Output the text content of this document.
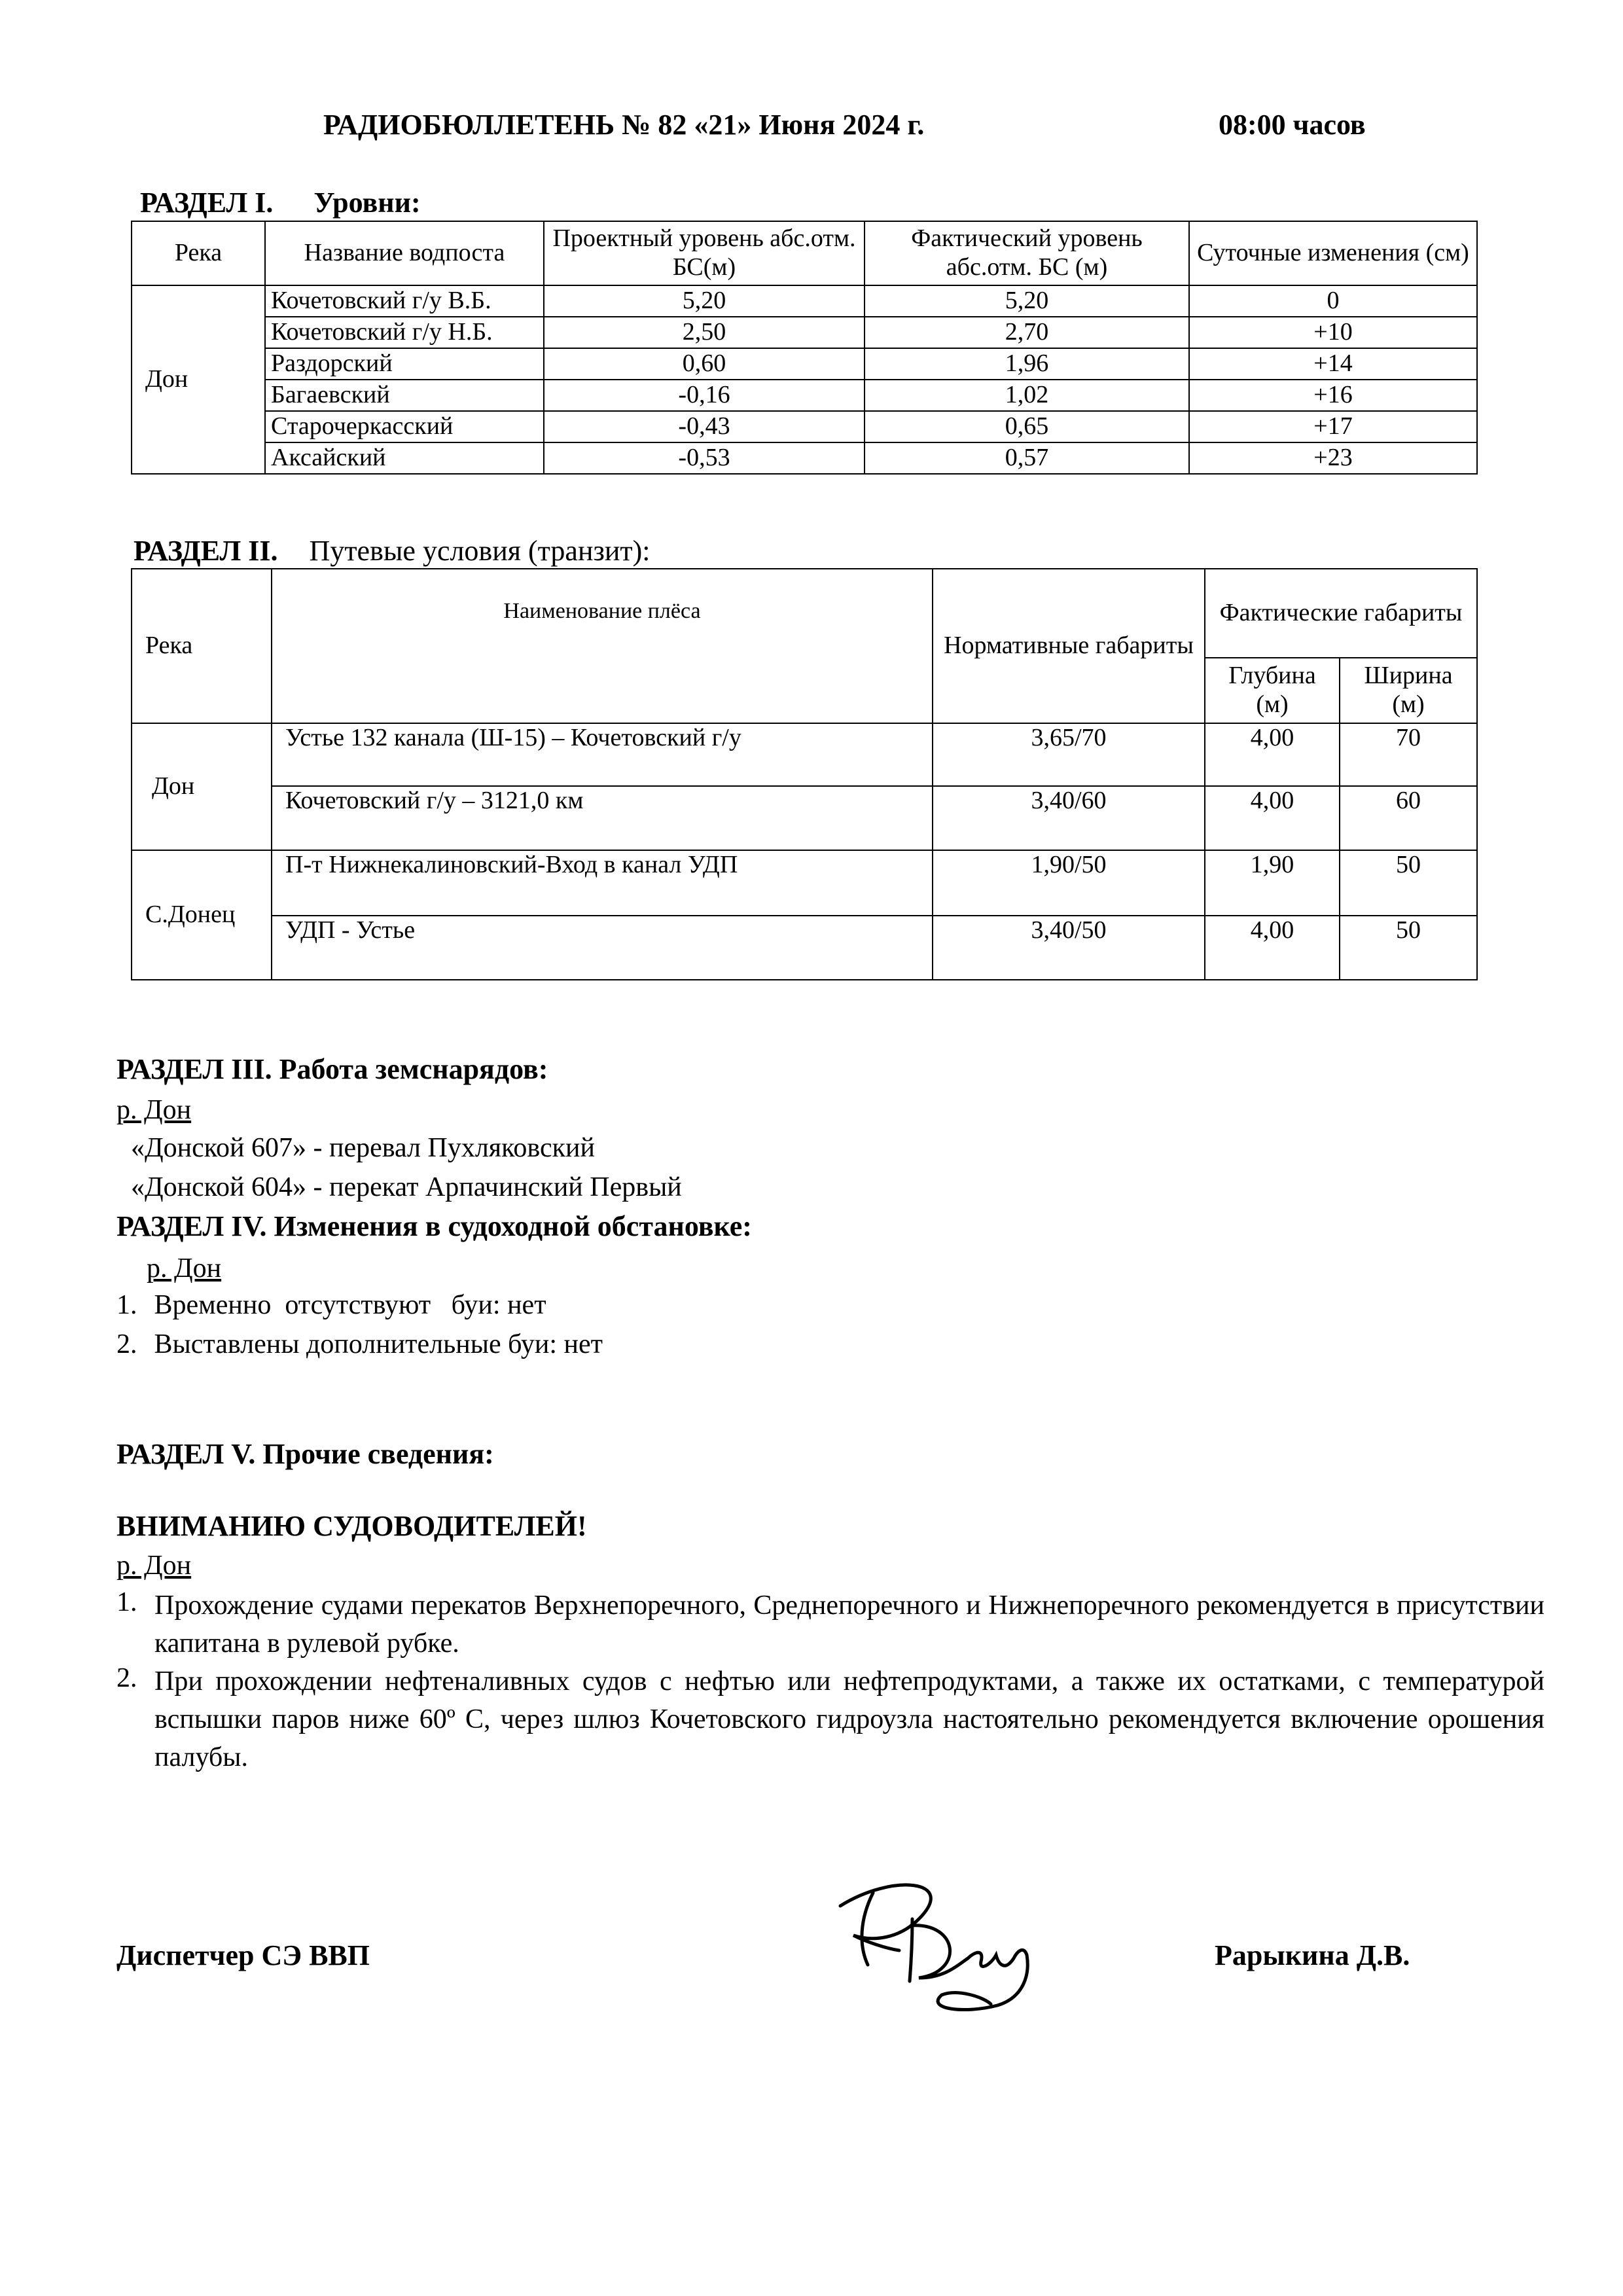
РАДИОБЮЛЛЕТЕНЬ № 82 «21» Июня 2024 г.	08:00 часов
РАЗДЕЛ I. Уровни:
Река	Название водпоста	Проектный уровень абс.отм. БС(м)	Фактический уровень абс.отм. БС (м)	Суточные изменения (см)
Дон	Кочетовский г/у В.Б.	5,20	5,20	0
	Кочетовский г/у Н.Б.	2,50	2,70	+10
	Раздорский	0,60	1,96	+14
	Багаевский	-0,16	1,02	+16
	Старочеркасский	-0,43	0,65	+17
	Аксайский	-0,53	0,57	+23
РАЗДЕЛ II. Путевые условия (транзит):
Река	Наименование плёса	Нормативные габариты	Фактические габариты	
			Глубина (м)	Ширина (м)
Дон	Устье 132 канала (Ш-15) – Кочетовский г/у	3,65/70	4,00	70
	Кочетовский г/у – 3121,0 км	3,40/60	4,00	60
С.Донец	П-т Нижнекалиновский-Вход в канал УДП	1,90/50	1,90	50
	УДП - Устье	3,40/50	4,00	50
РАЗДЕЛ III. Работа земснарядов:
р. Дон
«Донской 607» - перевал Пухляковский
«Донской 604» - перекат Арпачинский Первый
РАЗДЕЛ IV. Изменения в судоходной обстановке:
р. Дон
1. Временно  отсутствуют   буи: нет
2. Выставлены дополнительные буи: нет
РАЗДЕЛ V. Прочие сведения:
ВНИМАНИЮ СУДОВОДИТЕЛЕЙ!
р. Дон
1. Прохождение судами перекатов Верхнепоречного, Среднепоречного и Нижнепоречного рекомендуется в присутствии капитана в рулевой рубке.
2. При прохождении нефтеналивных судов с нефтью или нефтепродуктами, а также их остатками, с температурой вспышки паров ниже 60º С, через шлюз Кочетовского гидроузла настоятельно рекомендуется включение орошения палубы.
Диспетчер СЭ ВВП	Рарыкина Д.В.
